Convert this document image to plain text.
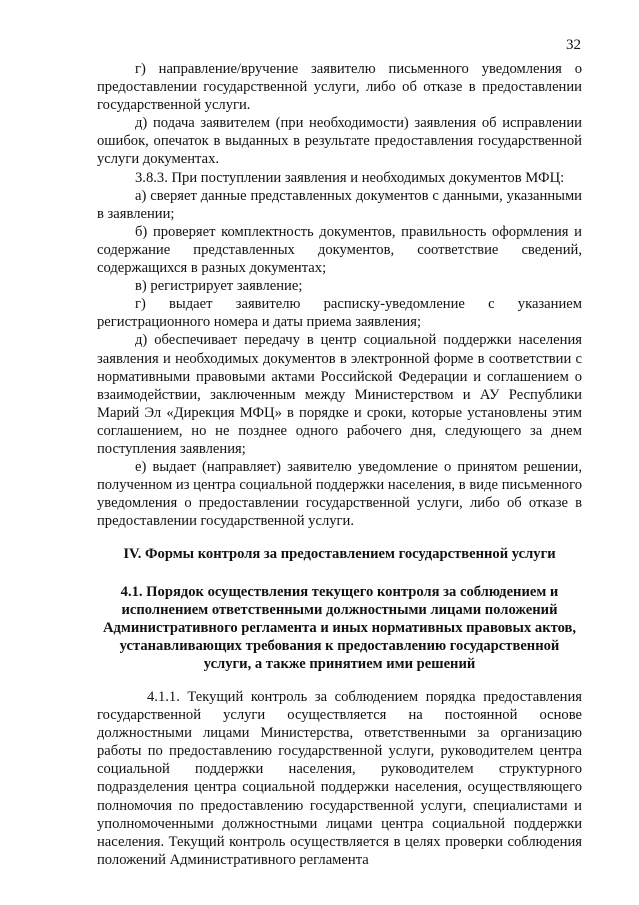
32

г) направление/вручение заявителю письменного уведомления о предоставлении государственной услуги, либо об отказе в предоставлении государственной услуги.

д) подача заявителем (при необходимости) заявления об исправлении ошибок, опечаток в выданных в результате предоставления государственной услуги документах.

3.8.3. При поступлении заявления и необходимых документов МФЦ:

а) сверяет данные представленных документов с данными, указанными в заявлении;

б) проверяет комплектность документов, правильность оформления и содержание представленных документов, соответствие сведений, содержащихся в разных документах;

в) регистрирует заявление;

г) выдает заявителю расписку-уведомление с указанием регистрационного номера и даты приема заявления;

д) обеспечивает передачу в центр социальной поддержки населения заявления и необходимых документов в электронной форме в соответствии с нормативными правовыми актами Российской Федерации и соглашением о взаимодействии, заключенным между Министерством и АУ Республики Марий Эл «Дирекция МФЦ» в порядке и сроки, которые установлены этим соглашением, но не позднее одного рабочего дня, следующего за днем поступления заявления;

е) выдает (направляет) заявителю уведомление о принятом решении, полученном из центра социальной поддержки населения, в виде письменного уведомления о предоставлении государственной услуги, либо об отказе в предоставлении государственной услуги.

IV. Формы контроля за предоставлением государственной услуги

4.1. Порядок осуществления текущего контроля за соблюдением и исполнением ответственными должностными лицами положений Административного регламента и иных нормативных правовых актов, устанавливающих требования к предоставлению государственной услуги, а также принятием ими решений

4.1.1. Текущий контроль за соблюдением порядка предоставления государственной услуги осуществляется на постоянной основе должностными лицами Министерства, ответственными за организацию работы по предоставлению государственной услуги, руководителем центра социальной поддержки населения, руководителем структурного подразделения центра социальной поддержки населения, осуществляющего полномочия по предоставлению государственной услуги, специалистами и уполномоченными должностными лицами центра социальной поддержки населения. Текущий контроль осуществляется в целях проверки соблюдения положений Административного регламента
